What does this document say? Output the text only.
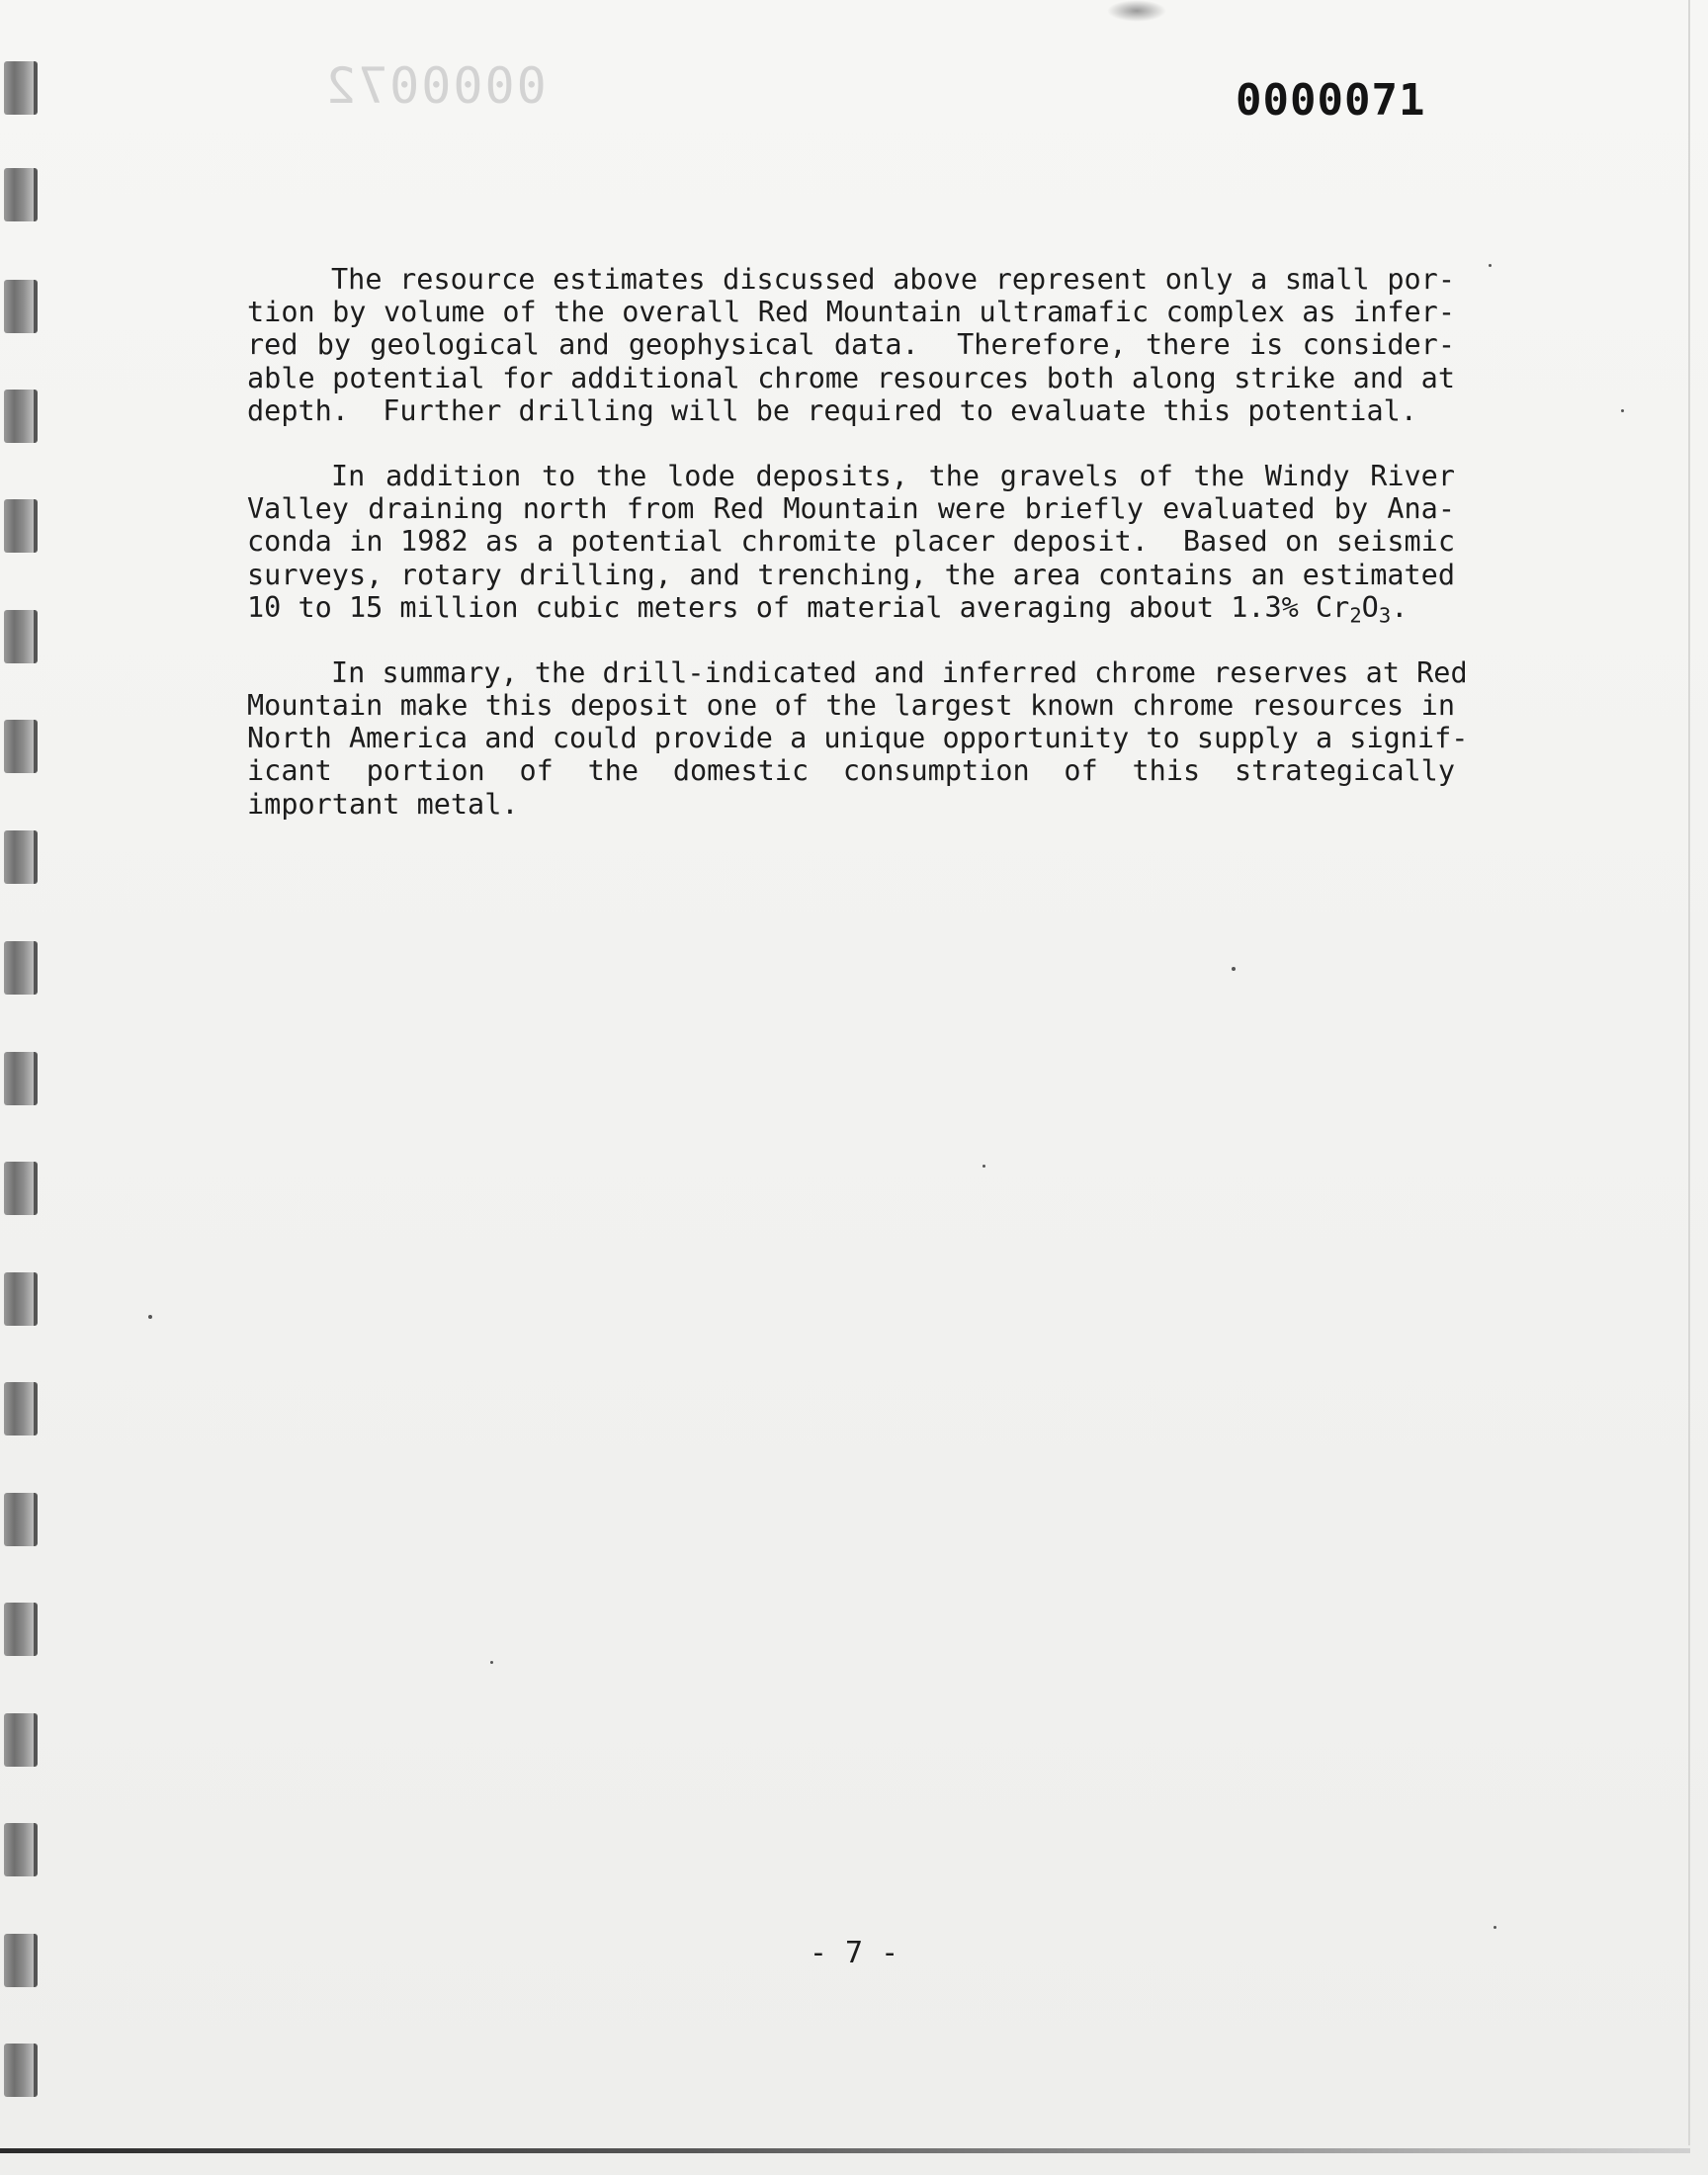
0000072	0000071
The resource estimates discussed above represent only a small por-
tion by volume of the overall Red Mountain ultramafic complex as infer-
red by geological and geophysical data.  Therefore, there is consider-
able potential for additional chrome resources both along strike and at
depth.  Further drilling will be required to evaluate this potential.
In addition to the lode deposits, the gravels of the Windy River
Valley draining north from Red Mountain were briefly evaluated by Ana-
conda in 1982 as a potential chromite placer deposit.  Based on seismic
surveys, rotary drilling, and trenching, the area contains an estimated
10 to 15 million cubic meters of material averaging about 1.3% $Cr_2O_3$.
In summary, the drill-indicated and inferred chrome reserves at Red
Mountain make this deposit one of the largest known chrome resources in
North America and could provide a unique opportunity to supply a signif-
icant portion of the domestic consumption of this strategically
important metal.
- 7 -
